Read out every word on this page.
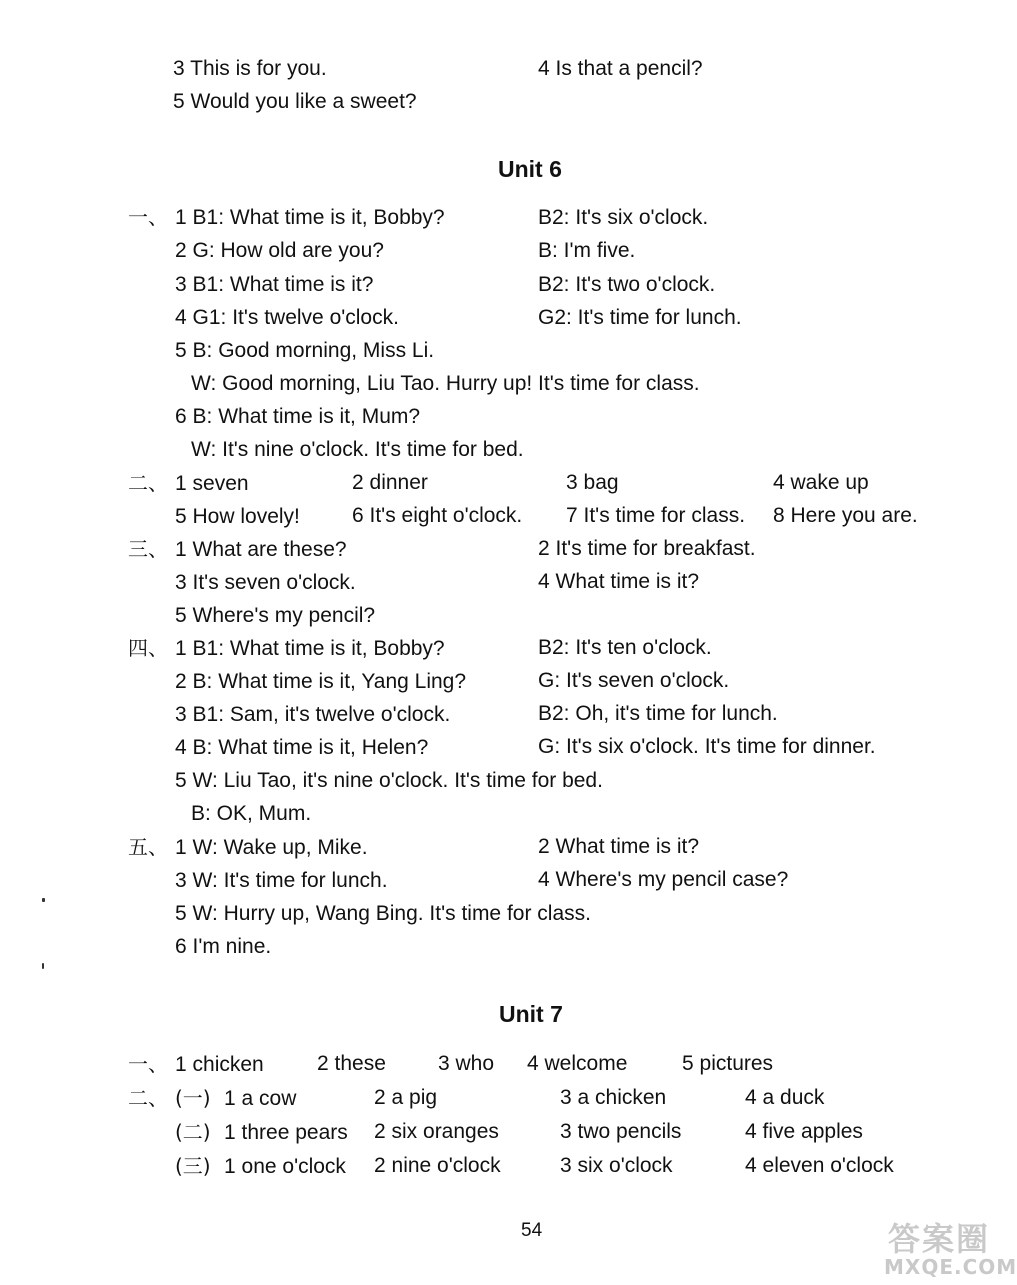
3 This is for you.	4 Is that a pencil?
5 Would you like a sweet?
Unit 6
一、 1 B1: What time is it, Bobby?	B2: It's six o'clock.
2 G: How old are you?	B: I'm five.
3 B1: What time is it?	B2: It's two o'clock.
4 G1: It's twelve o'clock.	G2: It's time for lunch.
5 B: Good morning, Miss Li.
W: Good morning, Liu Tao. Hurry up! It's time for class.
6 B: What time is it, Mum?
W: It's nine o'clock. It's time for bed.
二、 1 seven	2 dinner	3 bag	4 wake up
5 How lovely! 6 It's eight o'clock. 7 It's time for class. 8 Here you are.
三、 1 What are these?	2 It's time for breakfast.
3 It's seven o'clock.	4 What time is it?
5 Where's my pencil?
四、 1 B1: What time is it, Bobby?	B2: It's ten o'clock.
2 B: What time is it, Yang Ling?	G: It's seven o'clock.
3 B1: Sam, it's twelve o'clock.	B2: Oh, it's time for lunch.
4 B: What time is it, Helen?	G: It's six o'clock. It's time for dinner.
5 W: Liu Tao, it's nine o'clock. It's time for bed.
B: OK, Mum.
五、 1 W: Wake up, Mike.	2 What time is it?
3 W: It's time for lunch.	4 Where's my pencil case?
5 W: Hurry up, Wang Bing. It's time for class.
6 I'm nine.
Unit 7
一、 1 chicken	2 these 3 who 4 welcome	5 pictures
二、 (一) 1 a cow	2 a pig	3 a chicken	4 a duck
(二) 1 three pears 2 six oranges	3 two pencils	4 five apples
(三) 1 one o'clock 2 nine o'clock	3 six o'clock	4 eleven o'clock
54	答案圈
MXQE.COM
